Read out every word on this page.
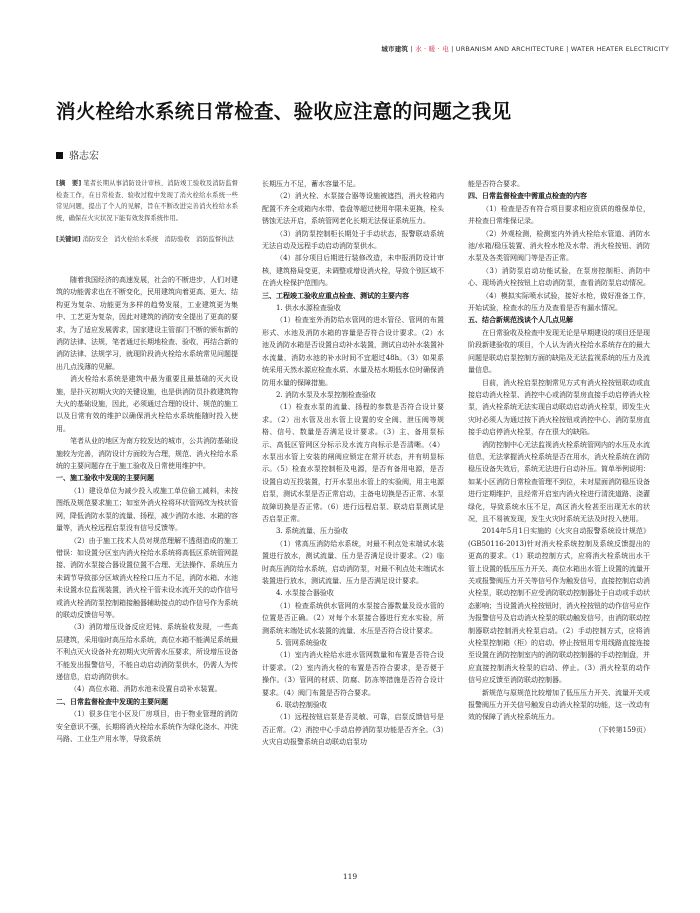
城市建筑 | 水 · 暖 · 电 | URBANISM AND ARCHITECTURE | WATER HEATER ELECTRICITY
消火栓给水系统日常检查、验收应注意的问题之我见
骆志宏
[摘　要] 笔者长期从事消防设计审核、消防竣工验收及消防监督检查工作，在日常检查、验收过程中发现了消火栓给水系统一些常见问题，提出了个人的见解，旨在不断改进完善消火栓给水系统，确保在火灾状况下能有效发挥系统作用。
[关键词] 消防安全　消火栓给水系统　消防验收　消防监督执法

随着我国经济的高速发展，社会的不断进步，人们对建筑的功能需求也在不断变化，民用建筑向着更高、更大、结构更为复杂、功能更为多样的趋势发展，工业建筑更为集中、工艺更为复杂，因此对建筑的消防安全提出了更高的要求，为了适应发展需求，国家建设主管部门不断的颁布新的消防法律、法规，笔者通过长期地检查、验收，再结合新的消防法律、法规学习，就现阶段消火栓给水系统常见问题提出几点浅薄的见解。

消火栓给水系统是建筑中最为重要且最基础的灭火设施，是扑灭初期火灾的关键设施，也是供消防员扑救建筑物大火的基础设施，因此，必须通过合理的设计、规范的施工以及日常有效的维护以确保消火栓给水系统能随时投入使用。

笔者从业的地区为南方较发达的城市，公共消防基础设施较为完善，消防设计方面较为合理，规范、消火栓给水系统的主要问题存在于施工验收及日常使用维护中。

一、施工验收中发现的主要问题

（1）建设单位为减少投入或施工单位偷工减料，未按图纸及规范要求施工；如室外消火栓将环状管网改为枝状管网，降低消防水泵的流量、扬程，减少消防水池、水箱的容量等，消火栓远程启泵没有信号反馈等。

（2）由于施工技术人员对规范理解不透彻造成的施工错误：如设置分区室内消火栓给水系统将高低区系统管网混接、消防水泵接合器设置位置不合理、无法操作、系统压力未调节导致部分区域消火栓栓口压力不足，消防水箱、水池未设置水位监视装置，消火栓干管未设水流开关的动作信号或消火栓消防泵控制箱接触器辅助接点的动作信号作为系统的联动反馈信号等。

（3）消防增压设备反应迟钝、系统验收发现，一些高层建筑，采用临时高压给水系统，高位水箱不能满足系统最不利点灭火设备补充初期火灾所需水压要求，所设增压设备不能发出报警信号，不能自动启动消防泵供水，仍需人为传递信息，启动消防供水。

（4）高位水箱、消防水池未设置自动补水装置。

二、日常监督检查中发现的主要问题

（1）很多住宅小区及厂房项目，由于物业管理的消防安全意识不强，长期将消火栓给水系统作为绿化浇水、冲洗马路、工业生产用水等，导致系统

长期压力不足，蓄水容量不足。

（2）消火栓、水泵接合器等设施被遮挡，消火栓箱内配置不齐全或箱内水带、卷盘等超过使用年限未更换，栓头锈蚀无法开启，系统管网老化长期无法保证系统压力。

（3）消防泵控制柜长期处于手动状态，报警联动系统无法自动及远程手动启动消防泵供水。

（4）部分项目后期进行装修改造，未申报消防设计审核，建筑格局变更，未调整或增设消火栓，导致个别区域不在消火栓保护范围内。

三、工程竣工验收应重点检查、测试的主要内容

1. 供水水源检查验收

（1）检查室外消防给水管网的进水管径、管网的布置形式、水池及消防水箱的容量是否符合设计要求。（2）水池及消防水箱是否设置自动补水装置，测试自动补水装置补水流量，消防水池的补水时间不宜超过48h。（3）如果系统采用天然水源应检查水质、水量及枯水期低水位时确保消防用水量的保障措施。

2. 消防水泵及水泵控制检查验收

（1）检查水泵的流量、扬程的参数是否符合设计要求。（2）出水管及出水管上设置的安全阀、泄压阀等规格、信号、数量是否满足设计要求。（3）主、备用泵标示、高低区管网区分标示及水流方向标示是否清晰。（4）水泵出水管上安装的闸阀应锁定在常开状态，并有明显标示。（5）检查水泵控制柜及电源，是否有备用电源，是否设置自动互投装置，打开水泵出水管上的实验阀，用主电源启泵，测试水泵是否正常启动，主备电切换是否正常、水泵故障切换是否正常。（6）进行远程启泵、联动启泵测试是否启泵正常。

3. 系统流量、压力验收

（1）常高压消防给水系统，对最不利点处末端试水装置进行放水，测试流量、压力是否满足设计要求。（2）临时高压消防给水系统，启动消防泵，对最不利点处末端试水装置进行放水，测试流量、压力是否满足设计要求。

4. 水泵接合器验收

（1）检查系统供水管网的水泵接合器数量及设水管的位置是否正确。（2）对每个水泵接合器进行充水实验，所测系统末端处试水装置的流量、水压是否符合设计要求。

5. 管网系统验收

（1）室内消火栓给水进水管网数量和布置是否符合设计要求。（2）室内消火栓的布置是否符合要求，是否便于操作。（3）管网的材质、防腐、防冻等措施是否符合设计要求。（4）阀门布置是否符合要求。

6. 联动控制验收

（1）远程按钮启泵是否灵敏、可靠，启泵反馈信号是否正常。（2）消控中心手动启停消防泵功能是否齐全。（3）火灾自动报警系统自动联动启泵功

能是否符合要求。

四、日常监督检查中需重点检查的内容

（1）检查是否有符合项目要求相应资质的维保单位，并检查日常维保记录。

（2）外观检测，检测室内外消火栓给水管道、消防水池/水箱/稳压装置、消火栓水枪及水带、消火栓按钮、消防水泵及各类管网阀门等是否正常。

（3）消防泵启动功能试验，在泵房控制柜、消防中心、现场消火栓按钮上启动消防泵，查看消防泵启动情况。

（4）模拟实际喷水试验，接好水枪，做好准备工作，开始试验，检查水的压力及查看是否有漏水情况。

五、结合新规范浅谈个人几点见解

在日常验收及检查中发现无论是早期建设的项目还是现阶段新建验收的项目，个人认为消火栓给水系统存在的最大问题是联动启泵控制方面的缺陷及无法监视系统的压力及流量信息。

目前，消火栓启泵控制常见方式有消火栓按钮联动或直接启动消火栓泵、消控中心或消防泵房直接手动启停消火栓泵，消火栓系统无法实现自动联动启动消火栓泵，即发生火灾时必须人为通过按下消火栓按钮或消控中心、消防泵房直接手动启停消火栓泵，存在很大的缺陷。

消防控制中心无法监视消火栓系统管网内的水压及水流信息，无法掌握消火栓系统是否在用水，消火栓系统在消防稳压设备失效后，系统无法进行自动补压。简单举例说明：如某小区消防日常检查管理不到位，未对屋面消防稳压设备进行定期维护，且经常开启室内消火栓进行清洗道路、浇灌绿化，导致系统水压不足，高区消火栓甚至出现无水的状况，且不易被发现，发生火灾时系统无法及时投入使用。

2014年5月1日实施的《火灾自动报警系统设计规范》(GB50116-2013)针对消火栓系统控制及系统反馈提出的更高的要求。（1）联动控制方式，应将消火栓系统出水干管上设置的低压压力开关、高位水箱出水管上设置的流量开关或报警阀压力开关等信号作为触发信号，直接控制启动消火栓泵，联动控制不应受消防联动控制器处于自动或手动状态影响；当设置消火栓按钮时，消火栓按钮的动作信号应作为报警信号及启动消火栓泵的联动触发信号，由消防联动控制器联动控制消火栓泵启动。（2）手动控制方式，应将消火栓泵控制箱（柜）的启动、停止按钮用专用线路直接连接至设置在消防控制室内的消防联动控制器的手动控制盘，并应直接控制消火栓泵的启动、停止。（3）消火栓泵的动作信号应反馈至消防联动控制器。

新规范与原规范比较增加了低压压力开关、流量开关或报警阀压力开关信号触发自动消火栓泵的功能，这一改动有效的保障了消火栓系统压力。

（下转第159页）

119
